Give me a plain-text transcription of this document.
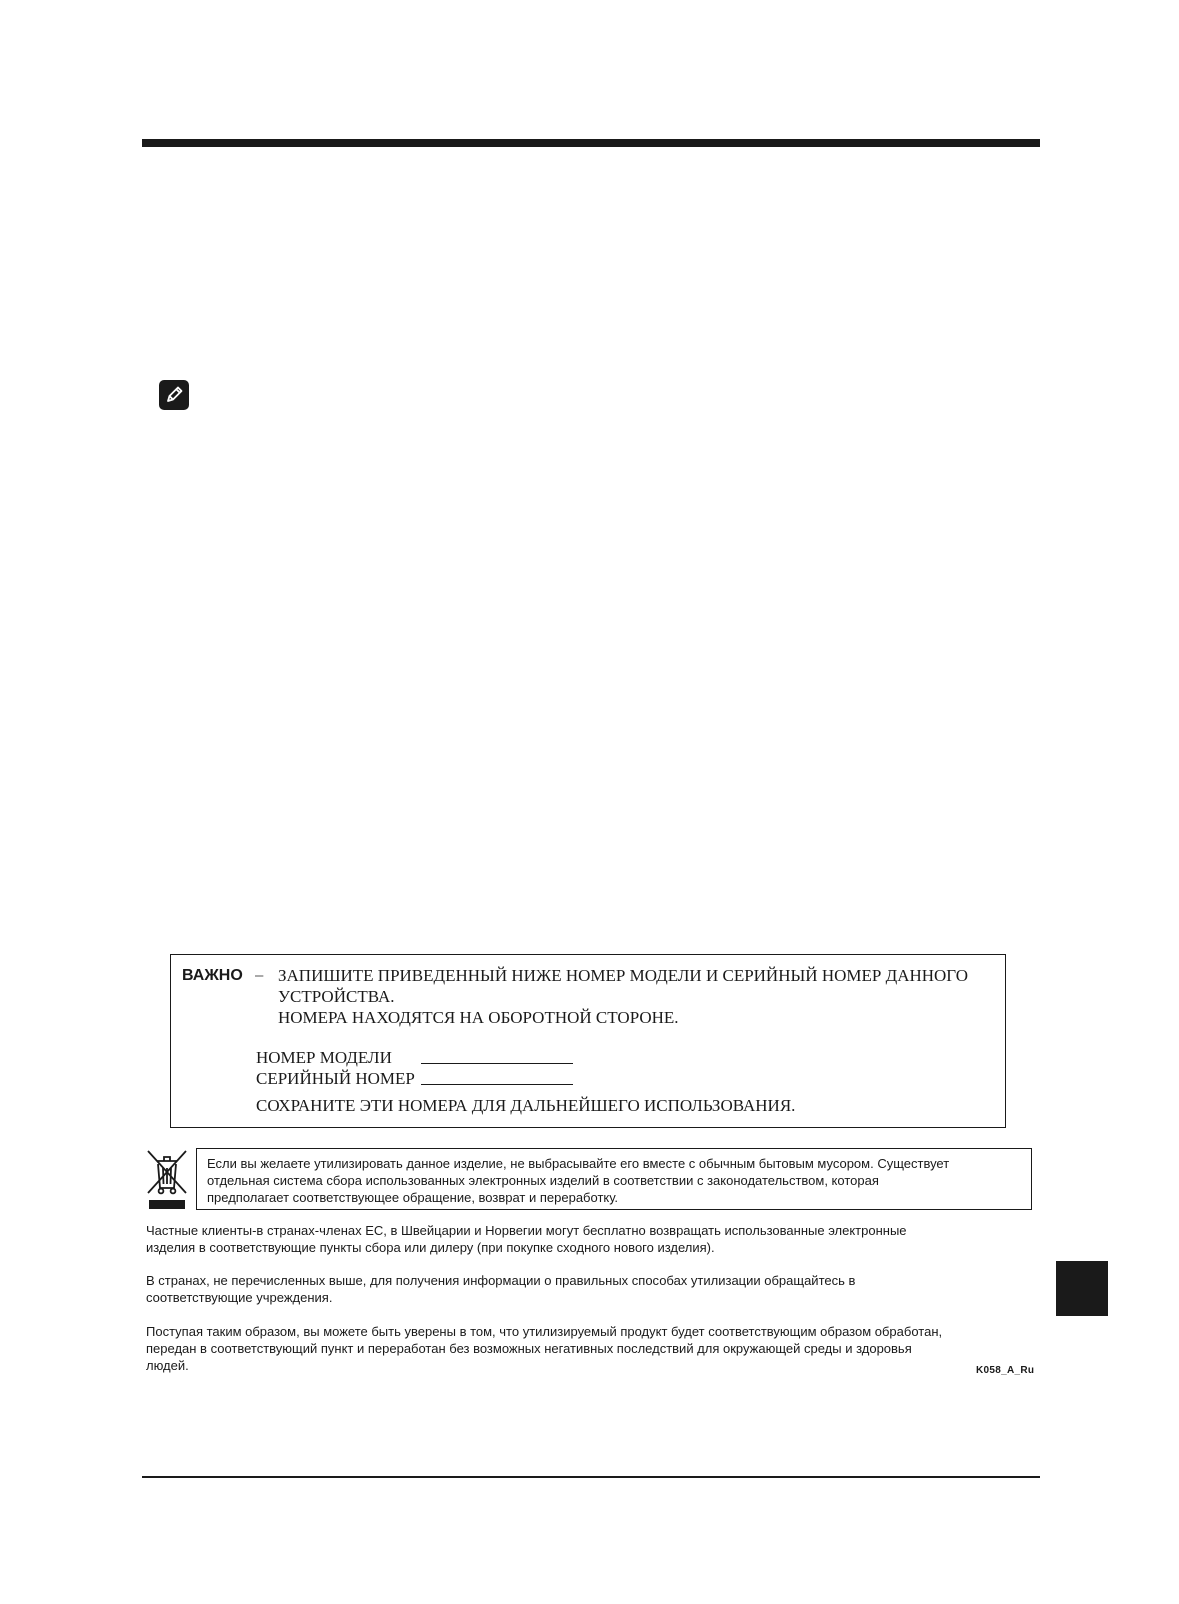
ВАЖНО – ЗАПИШИТЕ ПРИВЕДЕННЫЙ НИЖЕ НОМЕР МОДЕЛИ И СЕРИЙНЫЙ НОМЕР ДАННОГО
УСТРОЙСТВА.
НОМЕРА НАХОДЯТСЯ НА ОБОРОТНОЙ СТОРОНЕ.
НОМЕР МОДЕЛИ
СЕРИЙНЫЙ НОМЕР
СОХРАНИТЕ ЭТИ НОМЕРА ДЛЯ ДАЛЬНЕЙШЕГО ИСПОЛЬЗОВАНИЯ.
Если вы желаете утилизировать данное изделие, не выбрасывайте его вместе с обычным бытовым мусором. Существует
отдельная система сбора использованных электронных изделий в соответствии с законодательством, которая
предполагает соответствующее обращение, возврат и переработку.
Частные клиенты-в странах-членах ЕС, в Швейцарии и Норвегии могут бесплатно возвращать использованные электронные
изделия в соответствующие пункты сбора или дилеру (при покупке сходного нового изделия).
В странах, не перечисленных выше, для получения информации о правильных способах утилизации обращайтесь в
соответствующие учреждения.
Поступая таким образом, вы можете быть уверены в том, что утилизируемый продукт будет соответствующим образом обработан,
передан в соответствующий пункт и переработан без возможных негативных последствий для окружающей среды и здоровья
людей.	K058_A_Ru
